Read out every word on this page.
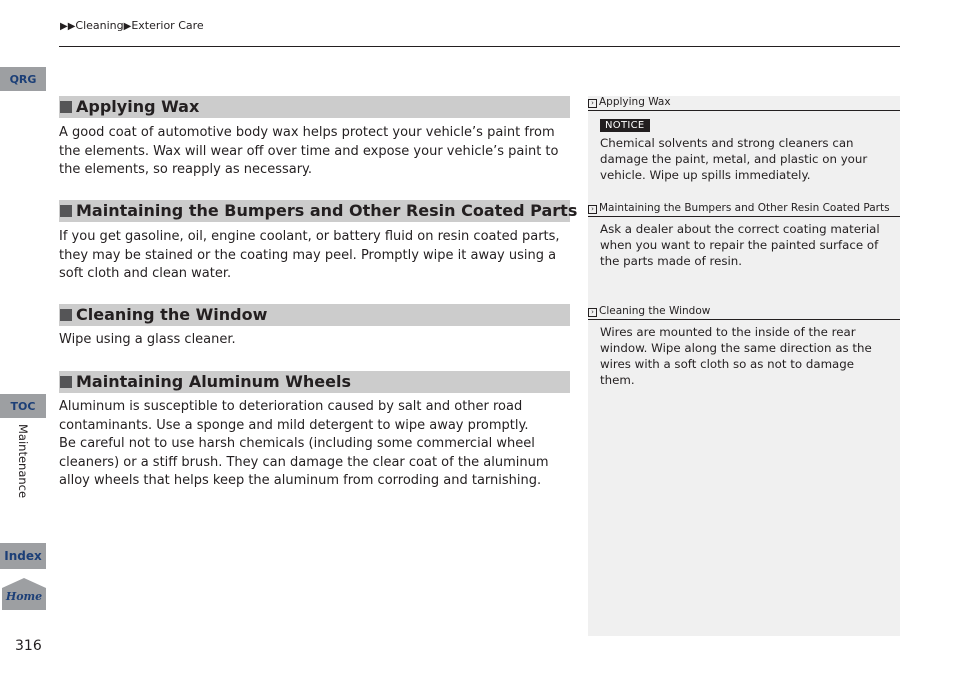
▶▶Cleaning▶Exterior Care
QRG
TOC
Maintenance
Index
Home
316
Applying Wax
A good coat of automotive body wax helps protect your vehicle’s paint from the elements. Wax will wear off over time and expose your vehicle’s paint to the elements, so reapply as necessary.
Maintaining the Bumpers and Other Resin Coated Parts
If you get gasoline, oil, engine coolant, or battery fluid on resin coated parts, they may be stained or the coating may peel. Promptly wipe it away using a soft cloth and clean water.
Cleaning the Window
Wipe using a glass cleaner.
Maintaining Aluminum Wheels
Aluminum is susceptible to deterioration caused by salt and other road contaminants. Use a sponge and mild detergent to wipe away promptly.
Be careful not to use harsh chemicals (including some commercial wheel cleaners) or a stiff brush. They can damage the clear coat of the aluminum alloy wheels that helps keep the aluminum from corroding and tarnishing.
› Applying Wax
NOTICE
Chemical solvents and strong cleaners can damage the paint, metal, and plastic on your vehicle. Wipe up spills immediately.
› Maintaining the Bumpers and Other Resin Coated Parts
Ask a dealer about the correct coating material when you want to repair the painted surface of the parts made of resin.
› Cleaning the Window
Wires are mounted to the inside of the rear window. Wipe along the same direction as the wires with a soft cloth so as not to damage them.
